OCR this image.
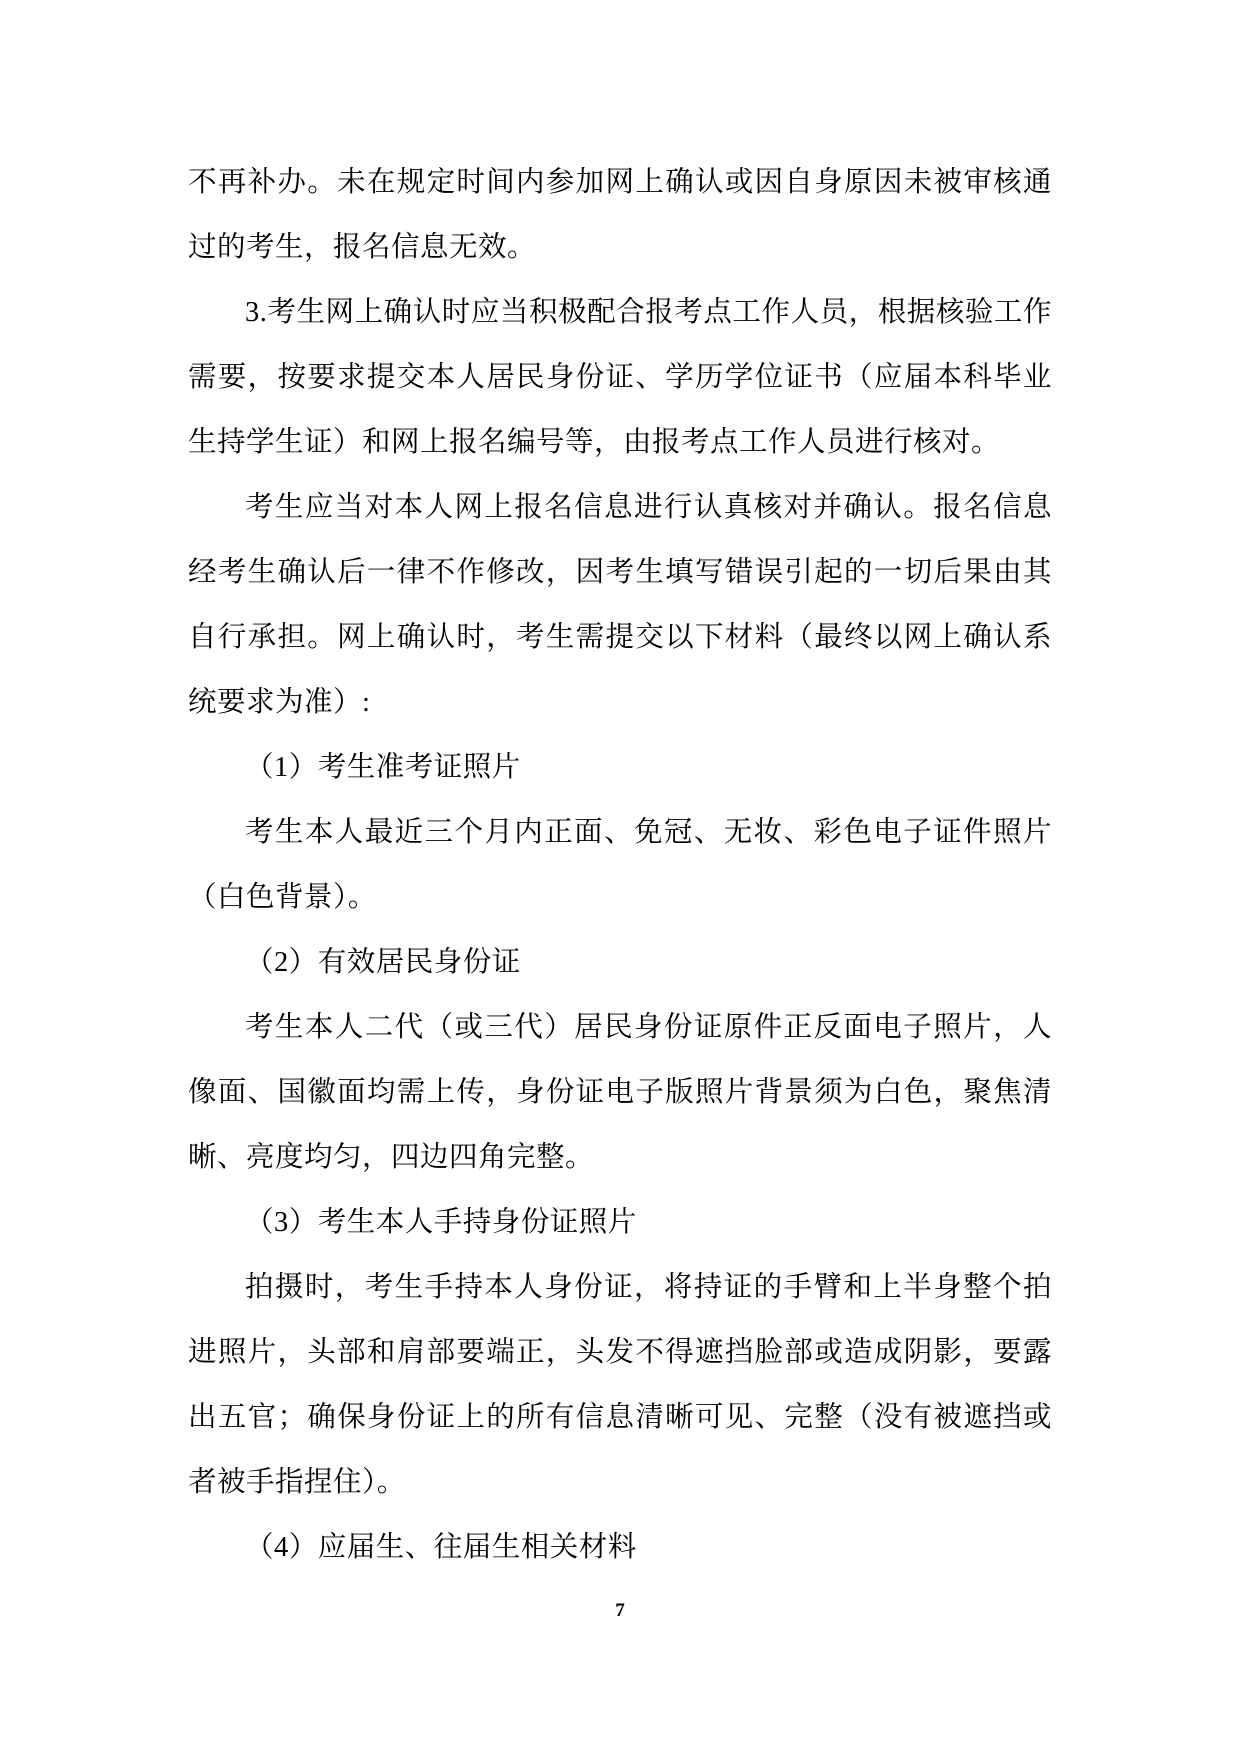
不再补办。未在规定时间内参加网上确认或因自身原因未被审核通过的考生，报名信息无效。

3.考生网上确认时应当积极配合报考点工作人员，根据核验工作需要，按要求提交本人居民身份证、学历学位证书（应届本科毕业生持学生证）和网上报名编号等，由报考点工作人员进行核对。

考生应当对本人网上报名信息进行认真核对并确认。报名信息经考生确认后一律不作修改，因考生填写错误引起的一切后果由其自行承担。网上确认时，考生需提交以下材料（最终以网上确认系统要求为准）:

（1）考生准考证照片

考生本人最近三个月内正面、免冠、无妆、彩色电子证件照片（白色背景）。

（2）有效居民身份证

考生本人二代（或三代）居民身份证原件正反面电子照片，人像面、国徽面均需上传，身份证电子版照片背景须为白色，聚焦清晰、亮度均匀，四边四角完整。

（3）考生本人手持身份证照片

拍摄时，考生手持本人身份证，将持证的手臂和上半身整个拍进照片，头部和肩部要端正，头发不得遮挡脸部或造成阴影，要露出五官；确保身份证上的所有信息清晰可见、完整（没有被遮挡或者被手指捏住）。

（4）应届生、往届生相关材料

7
